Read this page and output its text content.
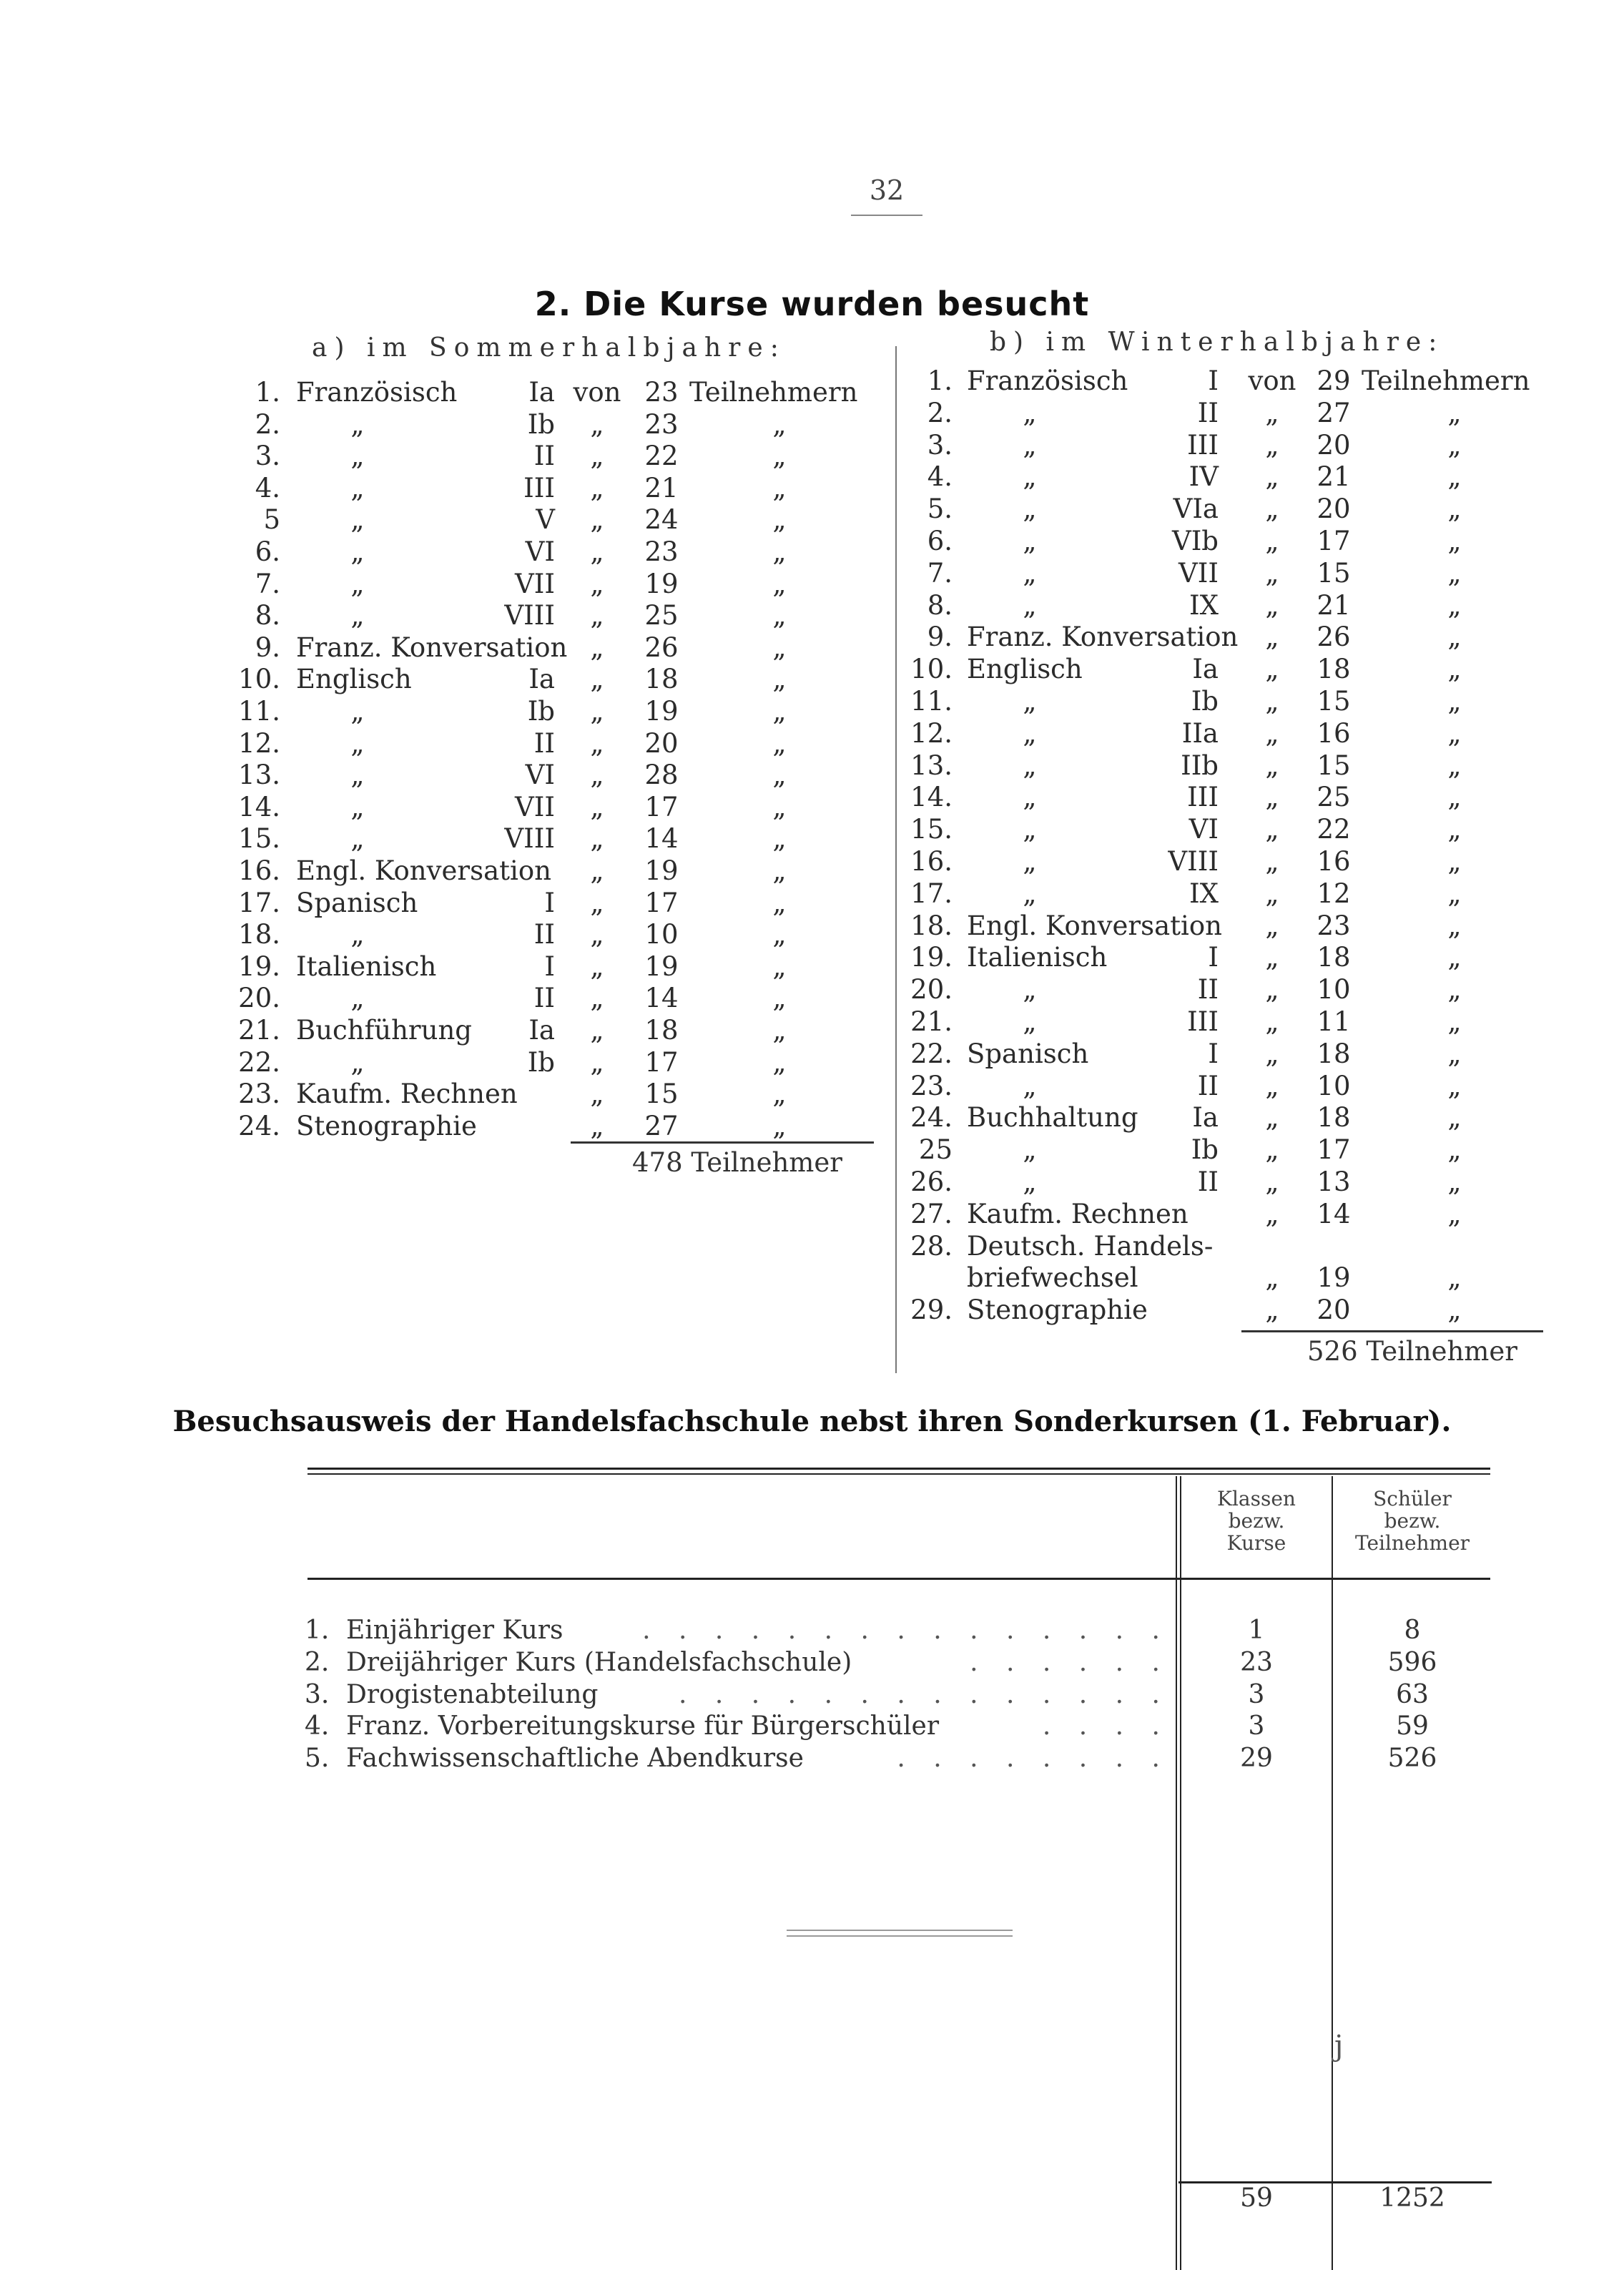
32
2. Die Kurse wurden besucht
a) im Sommerhalbjahre:	b) im Winterhalbjahre:
1. Französisch	Ia von 23 Teilnehmern
2.	„	Ib	„	23	„
3.	„	II	„	22	„
4.	„	III	„	21	„
5	„	V	„	24	„
6.	„	VI	„	23	„
7.	„	VII	„	19	„
8.	„	VIII	„	25	„
9. Franz. Konversation „	26	„
10. Englisch	Ia	„	18	„
11.	„	Ib	„	19	„
12.	„	II	„	20	„
13.	„	VI	„	28	„
14.	„	VII	„	17	„
15.	„	VIII	„	14	„
16. Engl. Konversation	„	19	„
17. Spanisch	I	„	17	„
18.	„	II	„	10	„
19. Italienisch	I	„	19	„
20.	„	II	„	14	„
21. Buchführung	Ia	„	18	„
22.	„	Ib	„	17	„
23. Kaufm. Rechnen	„	15	„
24. Stenographie	„	27	„
478 Teilnehmer
1. Französisch	I	von 29 Teilnehmern
2.	„	II	„	27	„
3.	„	III	„	20	„
4.	„	IV	„	21	„
5.	„	VIa	„	20	„
6.	„	VIb	„	17	„
7.	„	VII	„	15	„
8.	„	IX	„	21	„
9. Franz. Konversation	„	26	„
10. Englisch	Ia	„	18	„
11.	„	Ib	„	15	„
12.	„	IIa	„	16	„
13.	„	IIb	„	15	„
14.	„	III	„	25	„
15.	„	VI	„	22	„
16.	„	VIII	„	16	„
17.	„	IX	„	12	„
18. Engl. Konversation	„	23	„
19. Italienisch	I	„	18	„
20.	„	II	„	10	„
21.	„	III	„	11	„
22. Spanisch	I	„	18	„
23.	„	II	„	10	„
24. Buchhaltung	Ia	„	18	„
25	„	Ib	„	17	„
26.	„	II	„	13	„
27. Kaufm. Rechnen	„	14	„
28. Deutsch. Handels-
briefwechsel	„	19	„
29. Stenographie	„	20	„
526 Teilnehmer
Besuchsausweis der Handelsfachschule nebst ihren Sonderkursen (1. Februar).
Klassen
bezw.
Kurse
Schüler
bezw.
Teilnehmer
1. Einjähriger Kurs	. . . . . . . . . . . . . . .	1	8
2. Dreijähriger Kurs (Handelsfachschule)	. . . . . .	23	596
3. Drogistenabteilung	. . . . . . . . . . . . . .	3	63
4. Franz. Vorbereitungskurse für Bürgerschüler	. . . .	3	59
5. Fachwissenschaftliche Abendkurse	. . . . . . . .	29	526
59	1252
j
